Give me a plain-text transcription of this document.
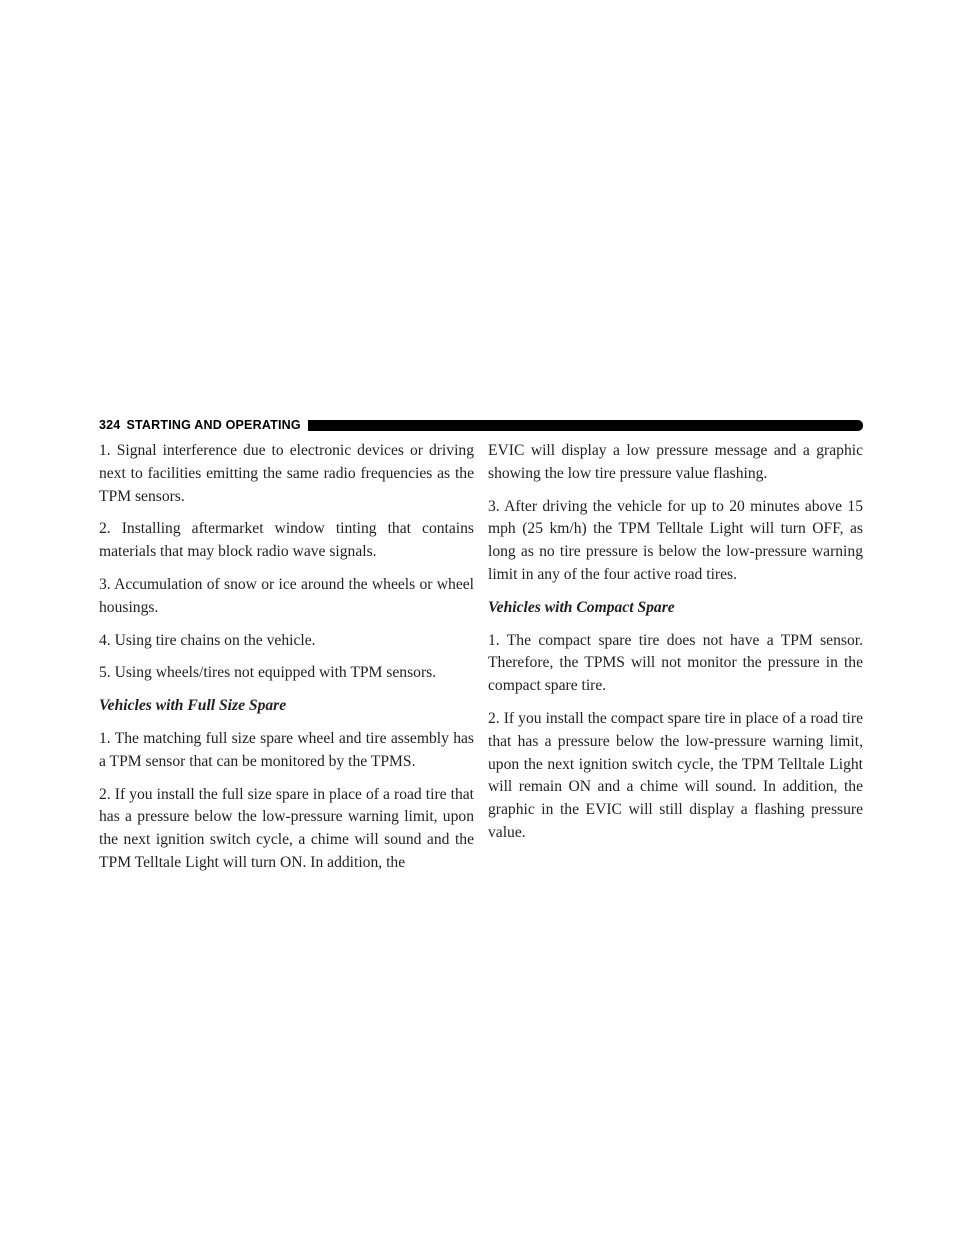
324 STARTING AND OPERATING

1. Signal interference due to electronic devices or driving next to facilities emitting the same radio frequencies as the TPM sensors.

2. Installing aftermarket window tinting that contains materials that may block radio wave signals.

3. Accumulation of snow or ice around the wheels or wheel housings.

4. Using tire chains on the vehicle.

5. Using wheels/tires not equipped with TPM sensors.

Vehicles with Full Size Spare

1. The matching full size spare wheel and tire assembly has a TPM sensor that can be monitored by the TPMS.

2. If you install the full size spare in place of a road tire that has a pressure below the low-pressure warning limit, upon the next ignition switch cycle, a chime will sound and the TPM Telltale Light will turn ON. In addition, the

EVIC will display a low pressure message and a graphic showing the low tire pressure value flashing.

3. After driving the vehicle for up to 20 minutes above 15 mph (25 km/h) the TPM Telltale Light will turn OFF, as long as no tire pressure is below the low-pressure warning limit in any of the four active road tires.

Vehicles with Compact Spare

1. The compact spare tire does not have a TPM sensor. Therefore, the TPMS will not monitor the pressure in the compact spare tire.

2. If you install the compact spare tire in place of a road tire that has a pressure below the low-pressure warning limit, upon the next ignition switch cycle, the TPM Telltale Light will remain ON and a chime will sound. In addition, the graphic in the EVIC will still display a flashing pressure value.
